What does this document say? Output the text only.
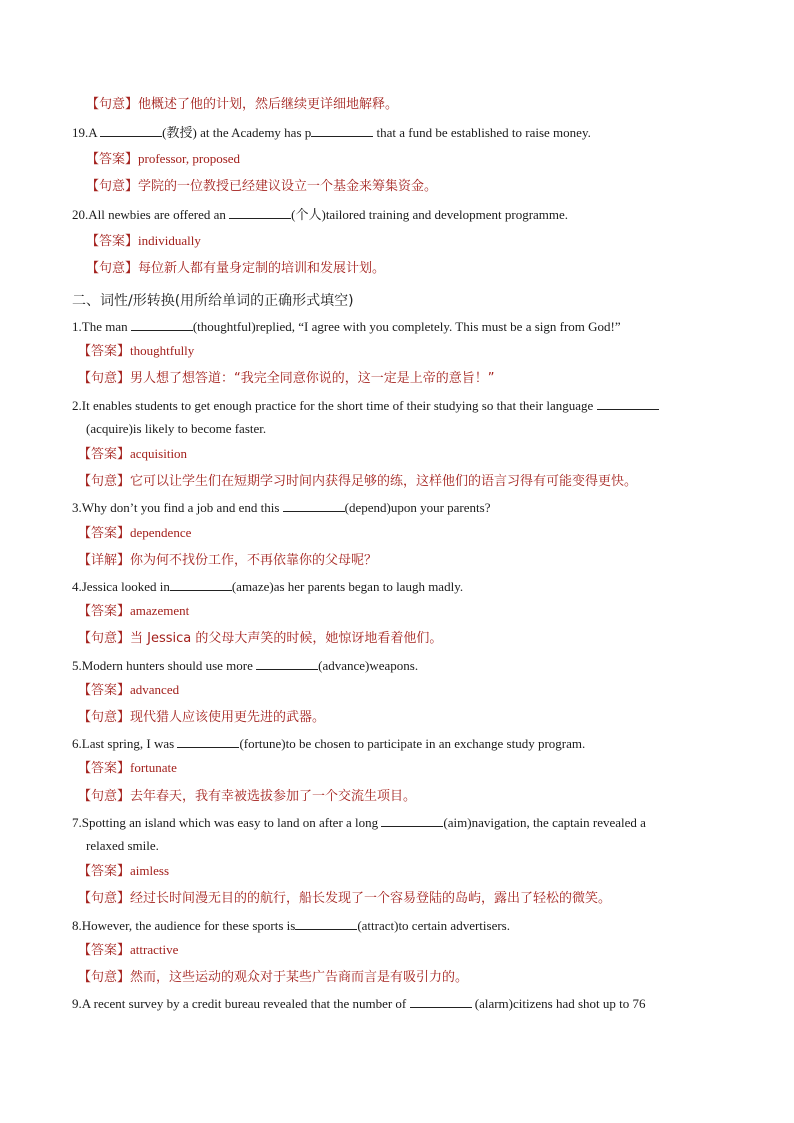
【句意】他概述了他的计划，然后继续更详细地解释。
19.A	(教授) at the Academy has p	that a fund be established to raise money.
【答案】professor, proposed
【句意】学院的一位教授已经建议设立一个基金来筹集资金。
20.All newbies are offered an	(个人)tailored training and development programme.
【答案】individually
【句意】每位新人都有量身定制的培训和发展计划。
二、词性/形转换(用所给单词的正确形式填空)
1.The man	(thoughtful)replied, “I agree with you completely. This must be a sign from God!”
【答案】thoughtfully
【句意】男人想了想答道：“我完全同意你说的，这一定是上帝的意旨！”
2.It enables students to get enough practice for the short time of their studying so that their language
(acquire)is likely to become faster.
【答案】acquisition
【句意】它可以让学生们在短期学习时间内获得足够的练，这样他们的语言习得有可能变得更快。
3.Why don’t you find a job and end this	(depend)upon your parents?
【答案】dependence
【详解】你为何不找份工作，不再依靠你的父母呢？
4.Jessica looked in	(amaze)as her parents began to laugh madly.
【答案】amazement
【句意】当 Jessica 的父母大声笑的时候，她惊讶地看着他们。
5.Modern hunters should use more	(advance)weapons.
【答案】advanced
【句意】现代猎人应该使用更先进的武器。
6.Last spring, I was	(fortune)to be chosen to participate in an exchange study program.
【答案】fortunate
【句意】去年春天，我有幸被选拔参加了一个交流生项目。
7.Spotting an island which was easy to land on after a long	(aim)navigation, the captain revealed a
relaxed smile.
【答案】aimless
【句意】经过长时间漫无目的的航行，船长发现了一个容易登陆的岛屿，露出了轻松的微笑。
8.However, the audience for these sports is	(attract)to certain advertisers.
【答案】attractive
【句意】然而，这些运动的观众对于某些广告商而言是有吸引力的。
9.A recent survey by a credit bureau revealed that the number of	(alarm)citizens had shot up to 76
